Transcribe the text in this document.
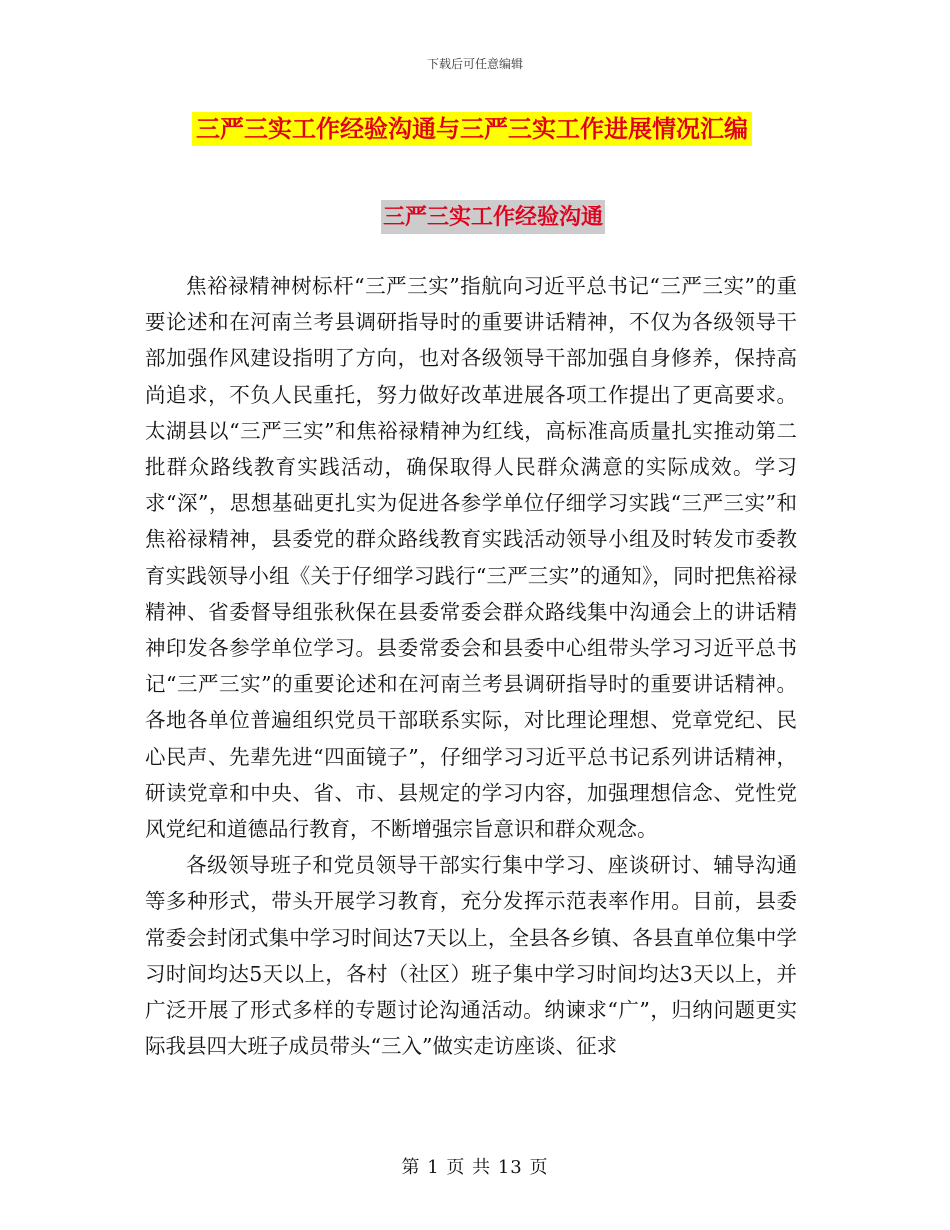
下载后可任意编辑
三严三实工作经验沟通与三严三实工作进展情况汇编
三严三实工作经验沟通

焦裕禄精神树标杆“三严三实”指航向习近平总书记“三严三实”的重要论述和在河南兰考县调研指导时的重要讲话精神，不仅为各级领导干部加强作风建设指明了方向，也对各级领导干部加强自身修养，保持高尚追求，不负人民重托，努力做好改革进展各项工作提出了更高要求。太湖县以“三严三实”和焦裕禄精神为红线，高标准高质量扎实推动第二批群众路线教育实践活动，确保取得人民群众满意的实际成效。学习求“深”，思想基础更扎实为促进各参学单位仔细学习实践“三严三实”和焦裕禄精神，县委党的群众路线教育实践活动领导小组及时转发市委教育实践领导小组《关于仔细学习践行“三严三实”的通知》，同时把焦裕禄精神、省委督导组张秋保在县委常委会群众路线集中沟通会上的讲话精神印发各参学单位学习。县委常委会和县委中心组带头学习习近平总书记“三严三实”的重要论述和在河南兰考县调研指导时的重要讲话精神。各地各单位普遍组织党员干部联系实际，对比理论理想、党章党纪、民心民声、先辈先进“四面镜子”，仔细学习习近平总书记系列讲话精神，研读党章和中央、省、市、县规定的学习内容，加强理想信念、党性党风党纪和道德品行教育，不断增强宗旨意识和群众观念。

各级领导班子和党员领导干部实行集中学习、座谈研讨、辅导沟通等多种形式，带头开展学习教育，充分发挥示范表率作用。目前，县委常委会封闭式集中学习时间达7天以上，全县各乡镇、各县直单位集中学习时间均达5天以上，各村（社区）班子集中学习时间均达3天以上，并广泛开展了形式多样的专题讨论沟通活动。纳谏求“广”，归纳问题更实际我县四大班子成员带头“三入”做实走访座谈、征求

第 1 页 共 13 页
